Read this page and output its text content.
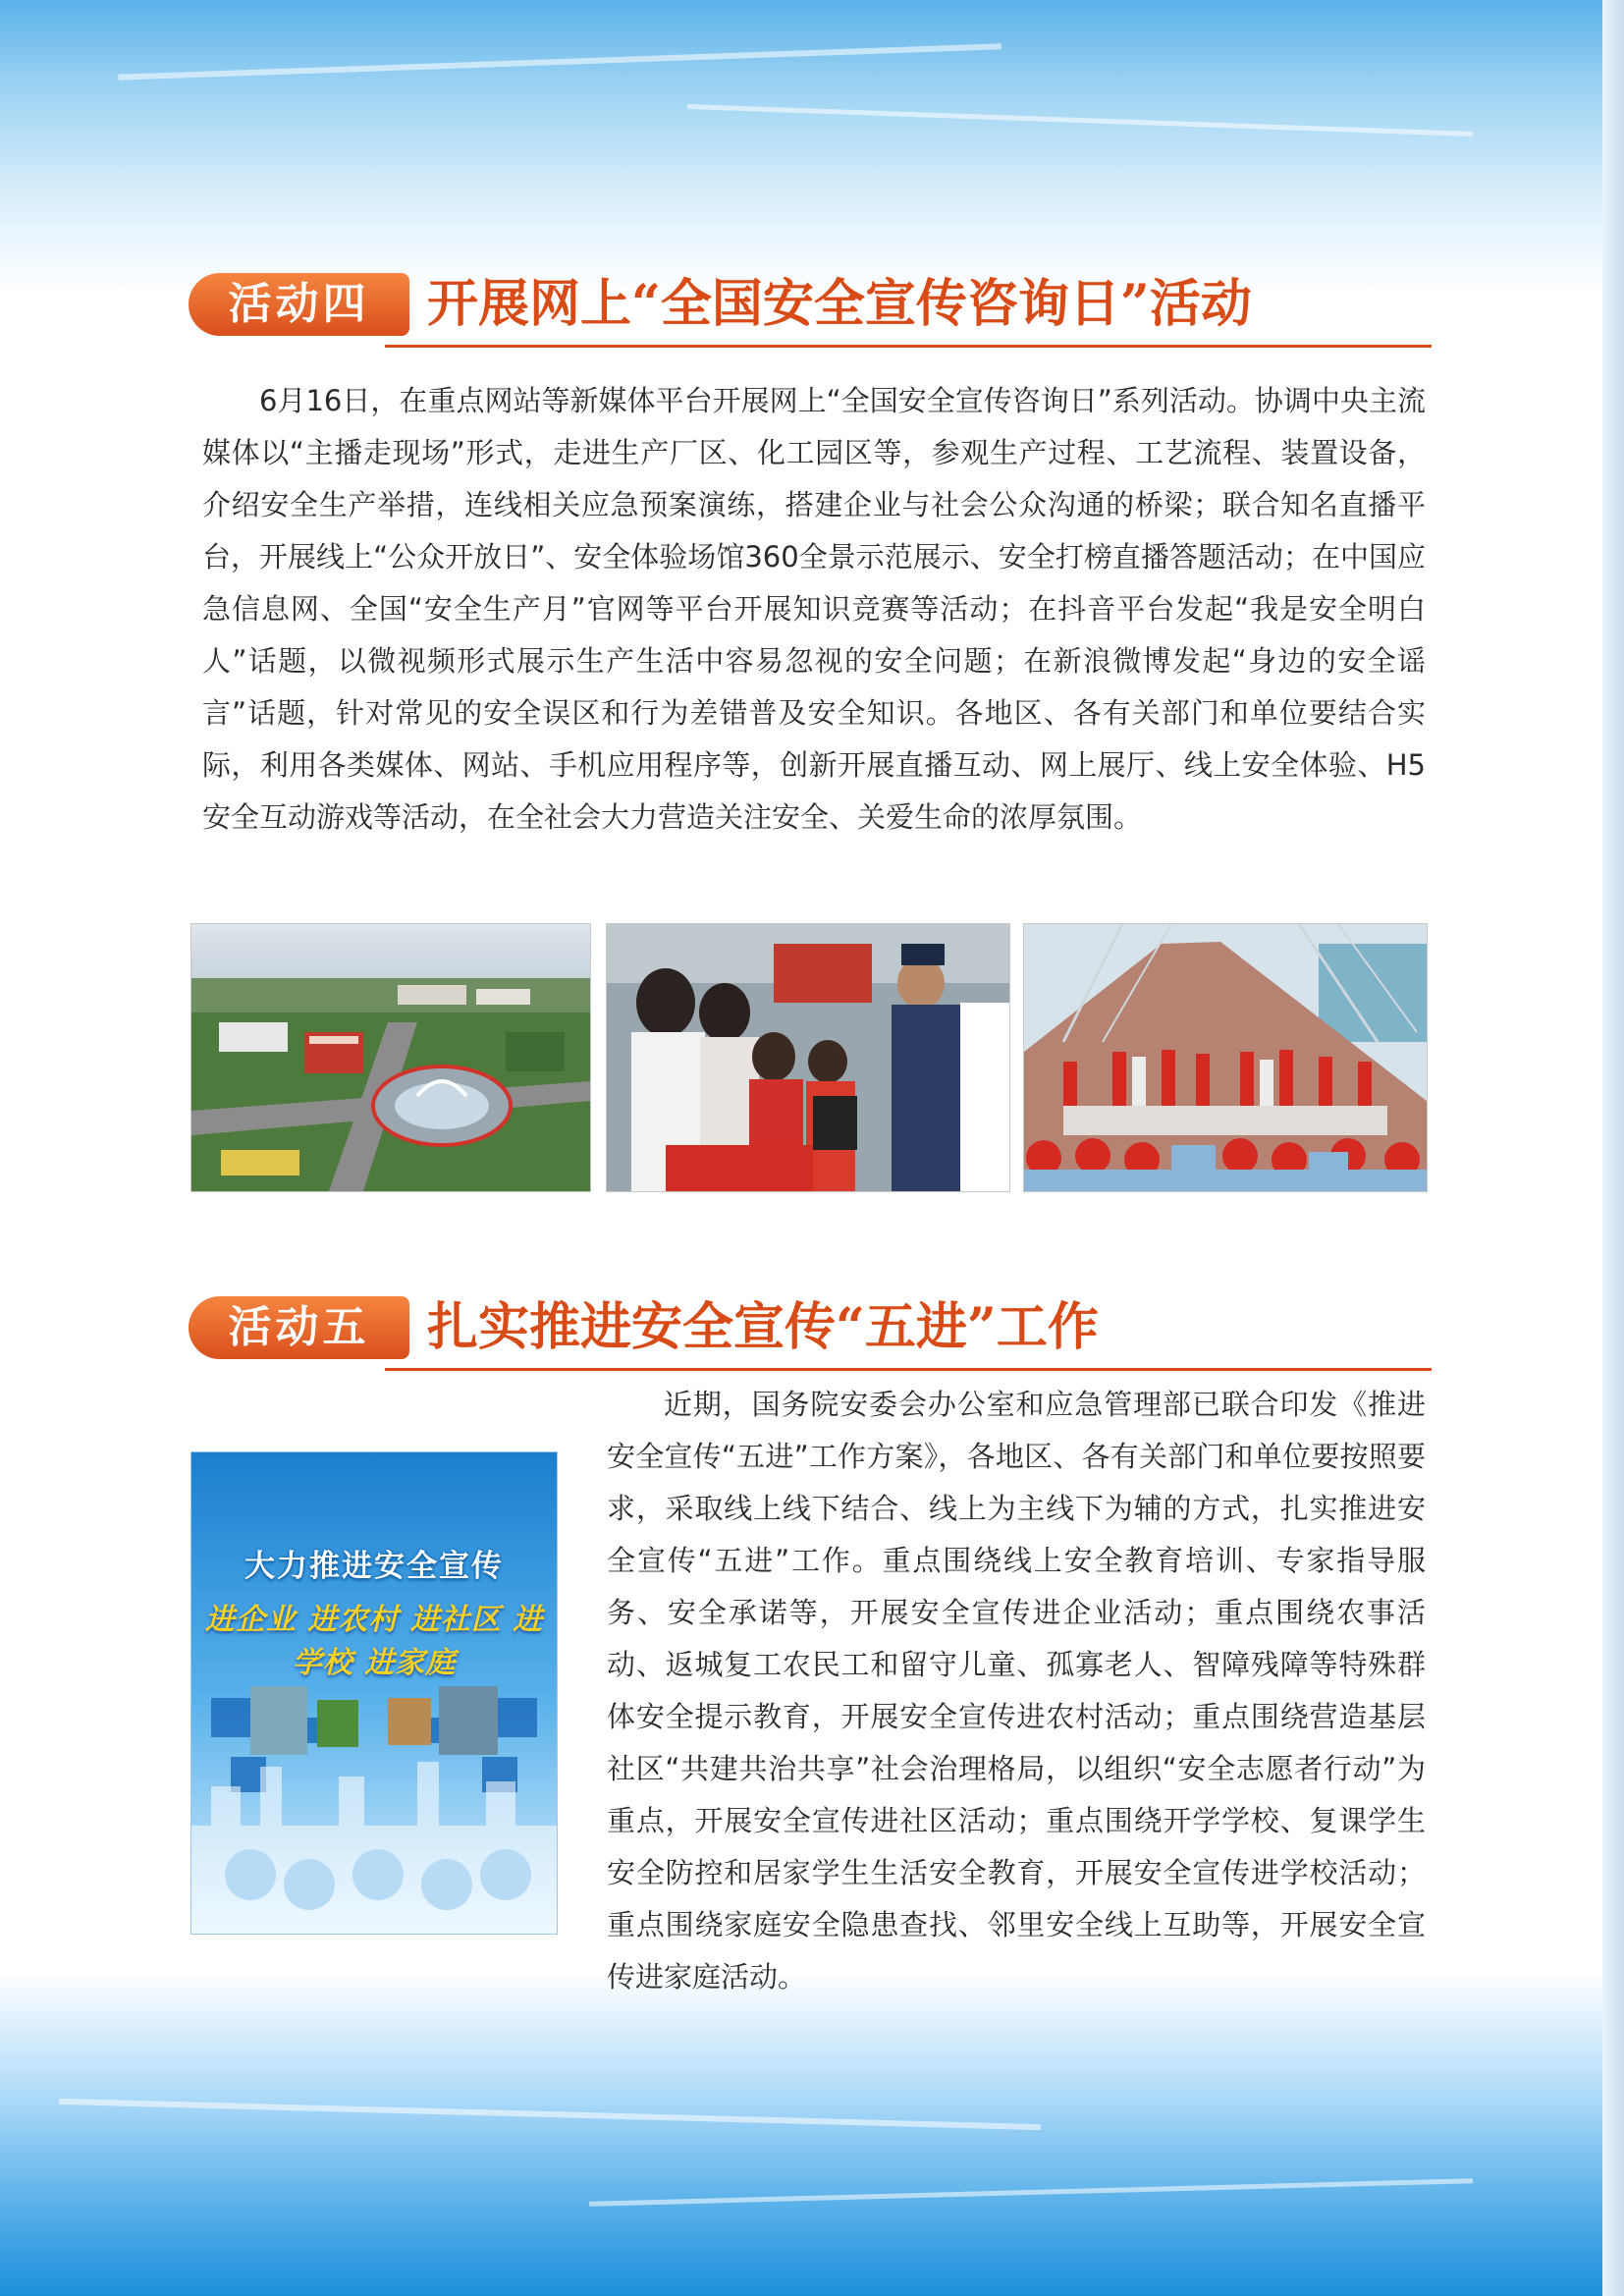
活动四	开展网上“全国安全宣传咨询日”活动

6月16日，在重点网站等新媒体平台开展网上“全国安全宣传咨询日”系列活动。协调中央主流媒体以“主播走现场”形式，走进生产厂区、化工园区等，参观生产过程、工艺流程、装置设备，介绍安全生产举措，连线相关应急预案演练，搭建企业与社会公众沟通的桥梁；联合知名直播平台，开展线上“公众开放日”、安全体验场馆360全景示范展示、安全打榜直播答题活动；在中国应急信息网、全国“安全生产月”官网等平台开展知识竞赛等活动；在抖音平台发起“我是安全明白人”话题，以微视频形式展示生产生活中容易忽视的安全问题；在新浪微博发起“身边的安全谣言”话题，针对常见的安全误区和行为差错普及安全知识。各地区、各有关部门和单位要结合实际，利用各类媒体、网站、手机应用程序等，创新开展直播互动、网上展厅、线上安全体验、H5安全互动游戏等活动，在全社会大力营造关注安全、关爱生命的浓厚氛围。

活动五	扎实推进安全宣传“五进”工作
大力推进安全宣传
进企业 进农村 进社区 进学校 进家庭

近期，国务院安委会办公室和应急管理部已联合印发《推进安全宣传“五进”工作方案》，各地区、各有关部门和单位要按照要求，采取线上线下结合、线上为主线下为辅的方式，扎实推进安全宣传“五进”工作。重点围绕线上安全教育培训、专家指导服务、安全承诺等，开展安全宣传进企业活动；重点围绕农事活动、返城复工农民工和留守儿童、孤寡老人、智障残障等特殊群体安全提示教育，开展安全宣传进农村活动；重点围绕营造基层社区“共建共治共享”社会治理格局，以组织“安全志愿者行动”为重点，开展安全宣传进社区活动；重点围绕开学学校、复课学生安全防控和居家学生生活安全教育，开展安全宣传进学校活动；重点围绕家庭安全隐患查找、邻里安全线上互助等，开展安全宣传进家庭活动。
